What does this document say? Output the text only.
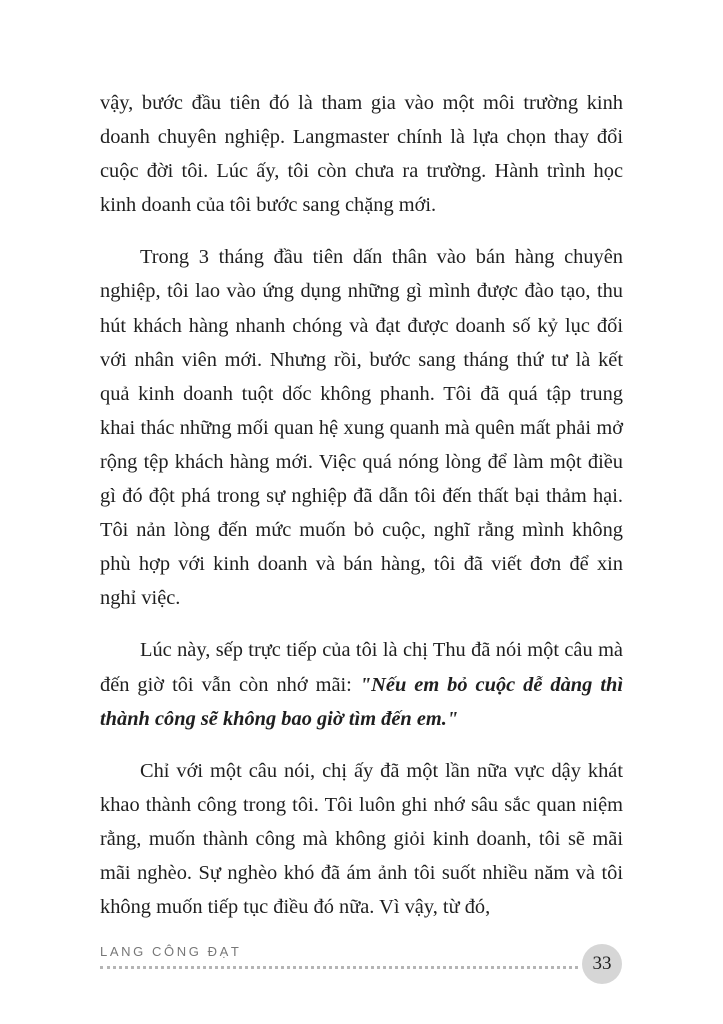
vậy, bước đầu tiên đó là tham gia vào một môi trường kinh doanh chuyên nghiệp. Langmaster chính là lựa chọn thay đổi cuộc đời tôi. Lúc ấy, tôi còn chưa ra trường. Hành trình học kinh doanh của tôi bước sang chặng mới.

Trong 3 tháng đầu tiên dấn thân vào bán hàng chuyên nghiệp, tôi lao vào ứng dụng những gì mình được đào tạo, thu hút khách hàng nhanh chóng và đạt được doanh số kỷ lục đối với nhân viên mới. Nhưng rồi, bước sang tháng thứ tư là kết quả kinh doanh tuột dốc không phanh. Tôi đã quá tập trung khai thác những mối quan hệ xung quanh mà quên mất phải mở rộng tệp khách hàng mới. Việc quá nóng lòng để làm một điều gì đó đột phá trong sự nghiệp đã dẫn tôi đến thất bại thảm hại. Tôi nản lòng đến mức muốn bỏ cuộc, nghĩ rằng mình không phù hợp với kinh doanh và bán hàng, tôi đã viết đơn để xin nghỉ việc.

Lúc này, sếp trực tiếp của tôi là chị Thu đã nói một câu mà đến giờ tôi vẫn còn nhớ mãi: "Nếu em bỏ cuộc dễ dàng thì thành công sẽ không bao giờ tìm đến em."

Chỉ với một câu nói, chị ấy đã một lần nữa vực dậy khát khao thành công trong tôi. Tôi luôn ghi nhớ sâu sắc quan niệm rằng, muốn thành công mà không giỏi kinh doanh, tôi sẽ mãi mãi nghèo. Sự nghèo khó đã ám ảnh tôi suốt nhiều năm và tôi không muốn tiếp tục điều đó nữa. Vì vậy, từ đó,

LANG CÔNG ĐẠT
33
